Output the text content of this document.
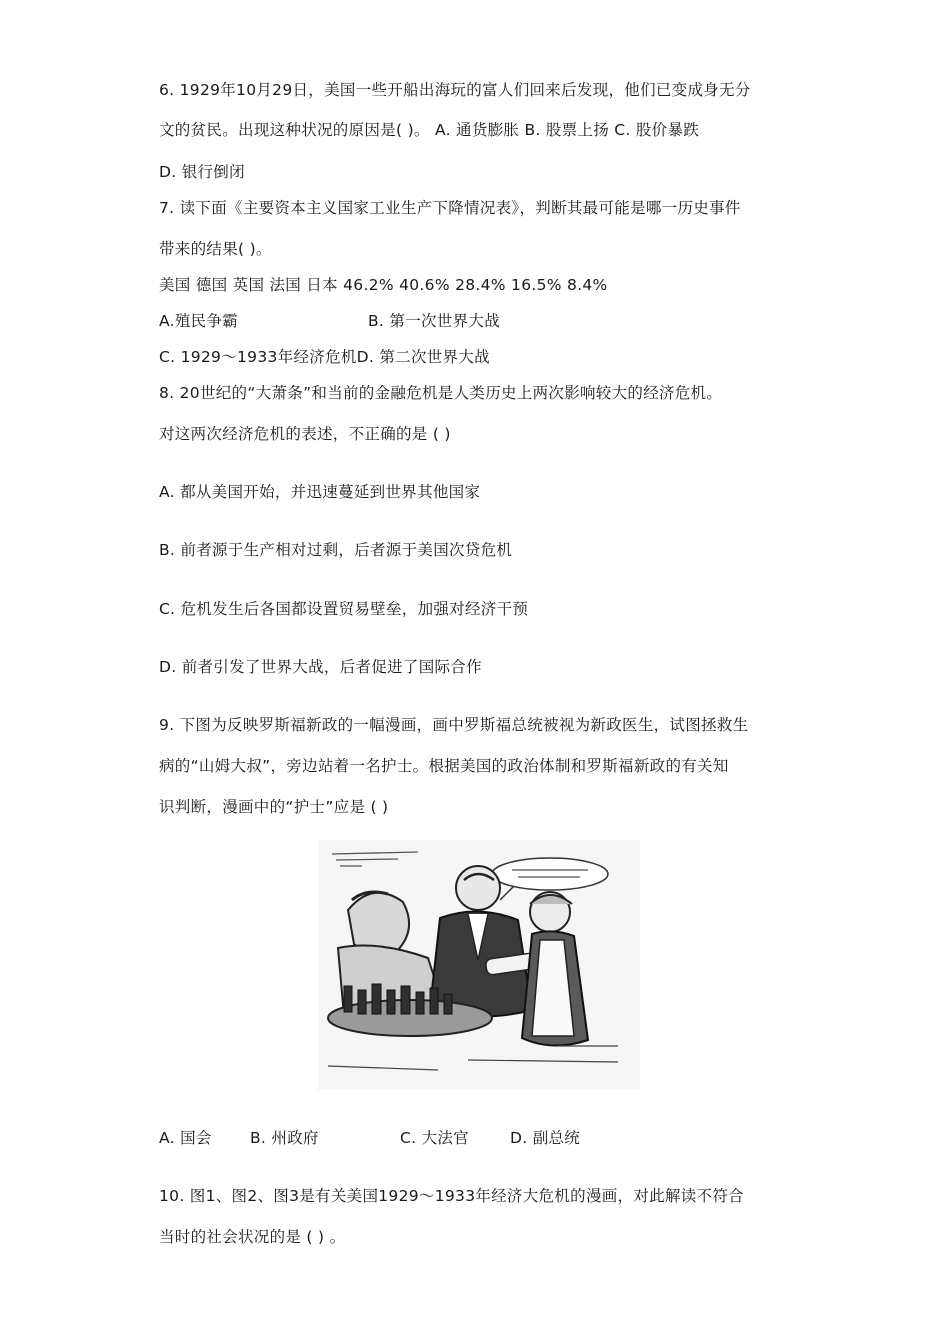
6. 1929年10月29日，美国一些开船出海玩的富人们回来后发现，他们已变成身无分
文的贫民。出现这种状况的原因是( )。 A. 通货膨胀 B. 股票上扬 C. 股价暴跌
D. 银行倒闭
7. 读下面《主要资本主义国家工业生产下降情况表》，判断其最可能是哪一历史事件
带来的结果( )。
美国 德国 英国 法国 日本 46.2% 40.6% 28.4% 16.5% 8.4%
A.殖民争霸	B. 第一次世界大战
C. 1929～1933年经济危机D. 第二次世界大战
8. 20世纪的“大萧条”和当前的金融危机是人类历史上两次影响较大的经济危机。
对这两次经济危机的表述，不正确的是 ( )
A. 都从美国开始，并迅速蔓延到世界其他国家
B. 前者源于生产相对过剩，后者源于美国次贷危机
C. 危机发生后各国都设置贸易壁垒，加强对经济干预
D. 前者引发了世界大战，后者促进了国际合作
9. 下图为反映罗斯福新政的一幅漫画，画中罗斯福总统被视为新政医生，试图拯救生
病的“山姆大叔”，旁边站着一名护士。根据美国的政治体制和罗斯福新政的有关知
识判断，漫画中的“护士”应是 ( )
A. 国会 B. 州政府	C. 大法官	D. 副总统
10. 图1、图2、图3是有关美国1929～1933年经济大危机的漫画，对此解读不符合
当时的社会状况的是 ( ) 。
